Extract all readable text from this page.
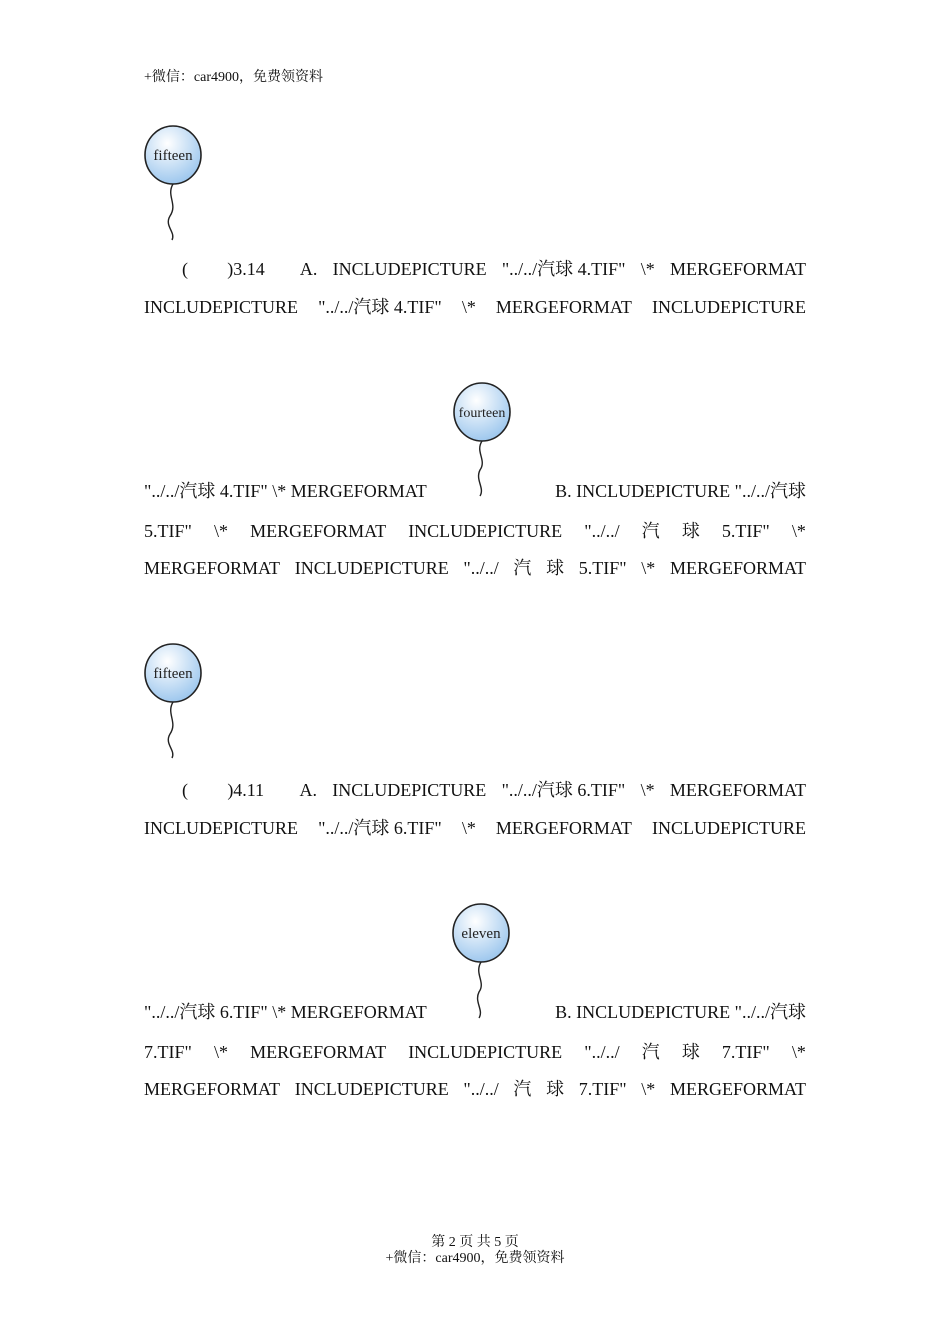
+微信：car4900，免费领资料
fifteen
(	)3.14 A. INCLUDEPICTURE "../../汽球 4.TIF" \* MERGEFORMAT
INCLUDEPICTURE "../../汽球 4.TIF" \* MERGEFORMAT INCLUDEPICTURE
fourteen
"../../汽球 4.TIF" \* MERGEFORMAT	B. INCLUDEPICTURE "../../汽球
5.TIF" \* MERGEFORMAT INCLUDEPICTURE "../../ 汽 球 5.TIF" \*
MERGEFORMAT INCLUDEPICTURE "../../ 汽 球 5.TIF" \* MERGEFORMAT
fifteen
(	)4.11 A. INCLUDEPICTURE "../../汽球 6.TIF" \* MERGEFORMAT
INCLUDEPICTURE "../../汽球 6.TIF" \* MERGEFORMAT INCLUDEPICTURE
eleven
"../../汽球 6.TIF" \* MERGEFORMAT	B. INCLUDEPICTURE "../../汽球
7.TIF" \* MERGEFORMAT INCLUDEPICTURE "../../ 汽 球 7.TIF" \*
MERGEFORMAT INCLUDEPICTURE "../../ 汽 球 7.TIF" \* MERGEFORMAT
第 2 页 共 5 页
+微信：car4900，免费领资料
